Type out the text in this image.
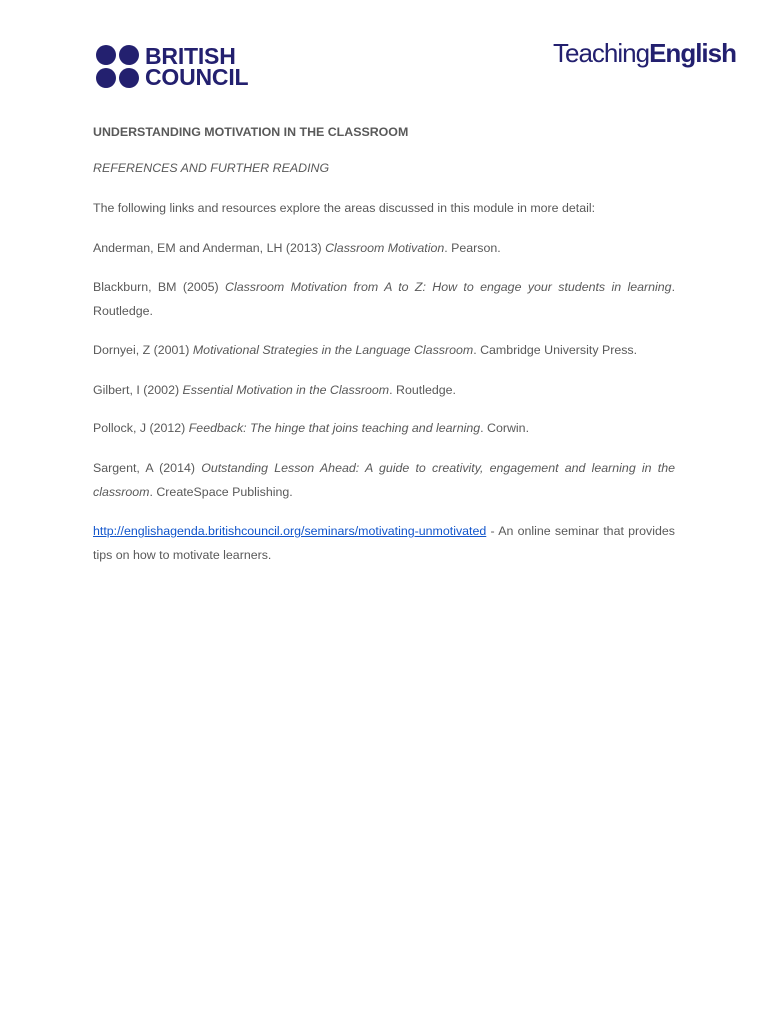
BRITISH
COUNCIL
TeachingEnglish

UNDERSTANDING MOTIVATION IN THE CLASSROOM

REFERENCES AND FURTHER READING

The following links and resources explore the areas discussed in this module in more detail:

Anderman, EM and Anderman, LH (2013) Classroom Motivation. Pearson.

Blackburn, BM (2005) Classroom Motivation from A to Z: How to engage your students in learning. Routledge.

Dornyei, Z (2001) Motivational Strategies in the Language Classroom. Cambridge University Press.

Gilbert, I (2002) Essential Motivation in the Classroom. Routledge.

Pollock, J (2012) Feedback: The hinge that joins teaching and learning. Corwin.

Sargent, A (2014) Outstanding Lesson Ahead: A guide to creativity, engagement and learning in the classroom. CreateSpace Publishing.

http://englishagenda.britishcouncil.org/seminars/motivating-unmotivated - An online seminar that provides tips on how to motivate learners.
